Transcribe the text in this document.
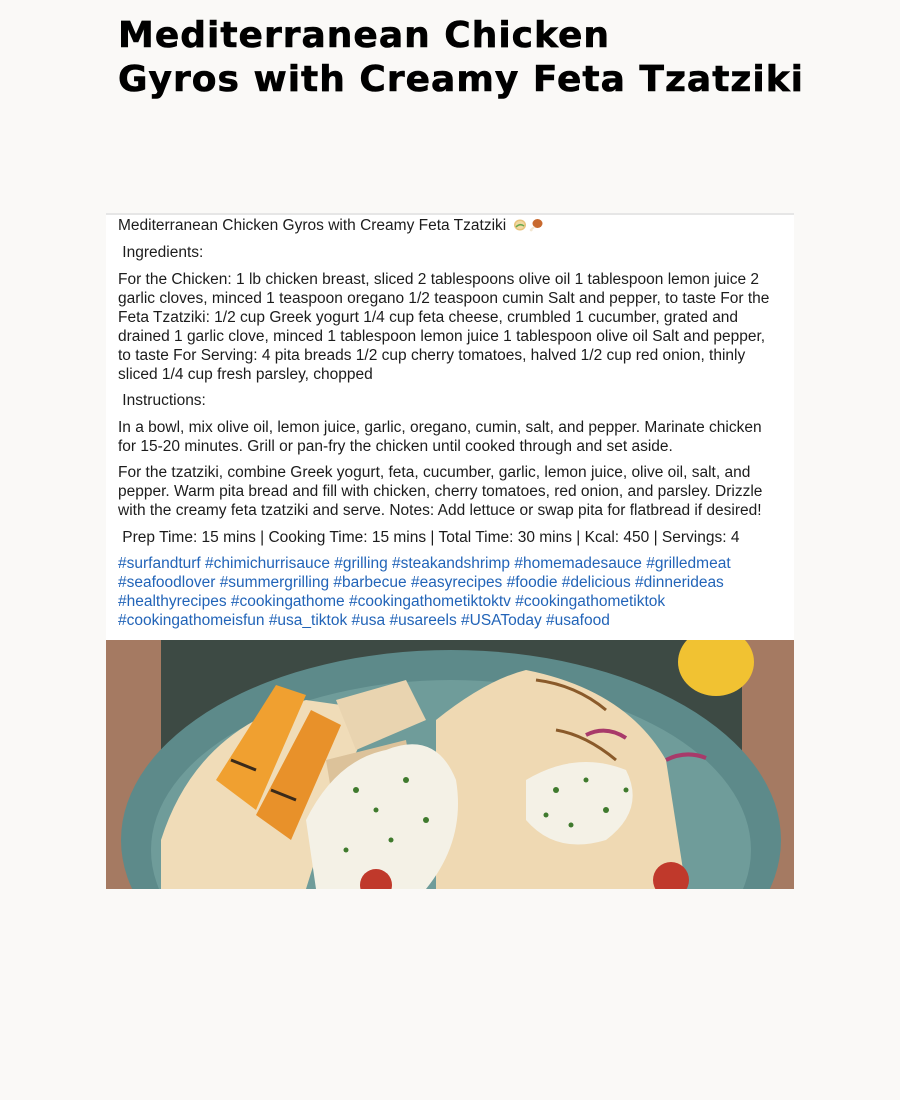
Mediterranean Chicken
Gyros with Creamy Feta Tzatziki

Mediterranean Chicken Gyros with Creamy Feta Tzatziki

Ingredients:

For the Chicken: 1 lb chicken breast, sliced 2 tablespoons olive oil 1 tablespoon lemon juice 2 garlic cloves, minced 1 teaspoon oregano 1/2 teaspoon cumin Salt and pepper, to taste For the Feta Tzatziki: 1/2 cup Greek yogurt 1/4 cup feta cheese, crumbled 1 cucumber, grated and drained 1 garlic clove, minced 1 tablespoon lemon juice 1 tablespoon olive oil Salt and pepper, to taste For Serving: 4 pita breads 1/2 cup cherry tomatoes, halved 1/2 cup red onion, thinly sliced 1/4 cup fresh parsley, chopped

Instructions:

In a bowl, mix olive oil, lemon juice, garlic, oregano, cumin, salt, and pepper. Marinate chicken for 15-20 minutes. Grill or pan-fry the chicken until cooked through and set aside.

For the tzatziki, combine Greek yogurt, feta, cucumber, garlic, lemon juice, olive oil, salt, and pepper. Warm pita bread and fill with chicken, cherry tomatoes, red onion, and parsley. Drizzle with the creamy feta tzatziki and serve. Notes: Add lettuce or swap pita for flatbread if desired!

Prep Time: 15 mins | Cooking Time: 15 mins | Total Time: 30 mins | Kcal: 450 | Servings: 4

#surfandturf #chimichurrisauce #grilling #steakandshrimp #homemadesauce #grilledmeat #seafoodlover #summergrilling #barbecue #easyrecipes #foodie #delicious #dinnerideas #healthyrecipes #cookingathome #cookingathometiktoktv #cookingathometiktok #cookingathomeisfun #usa_tiktok #usa #usareels #USAToday #usafood
